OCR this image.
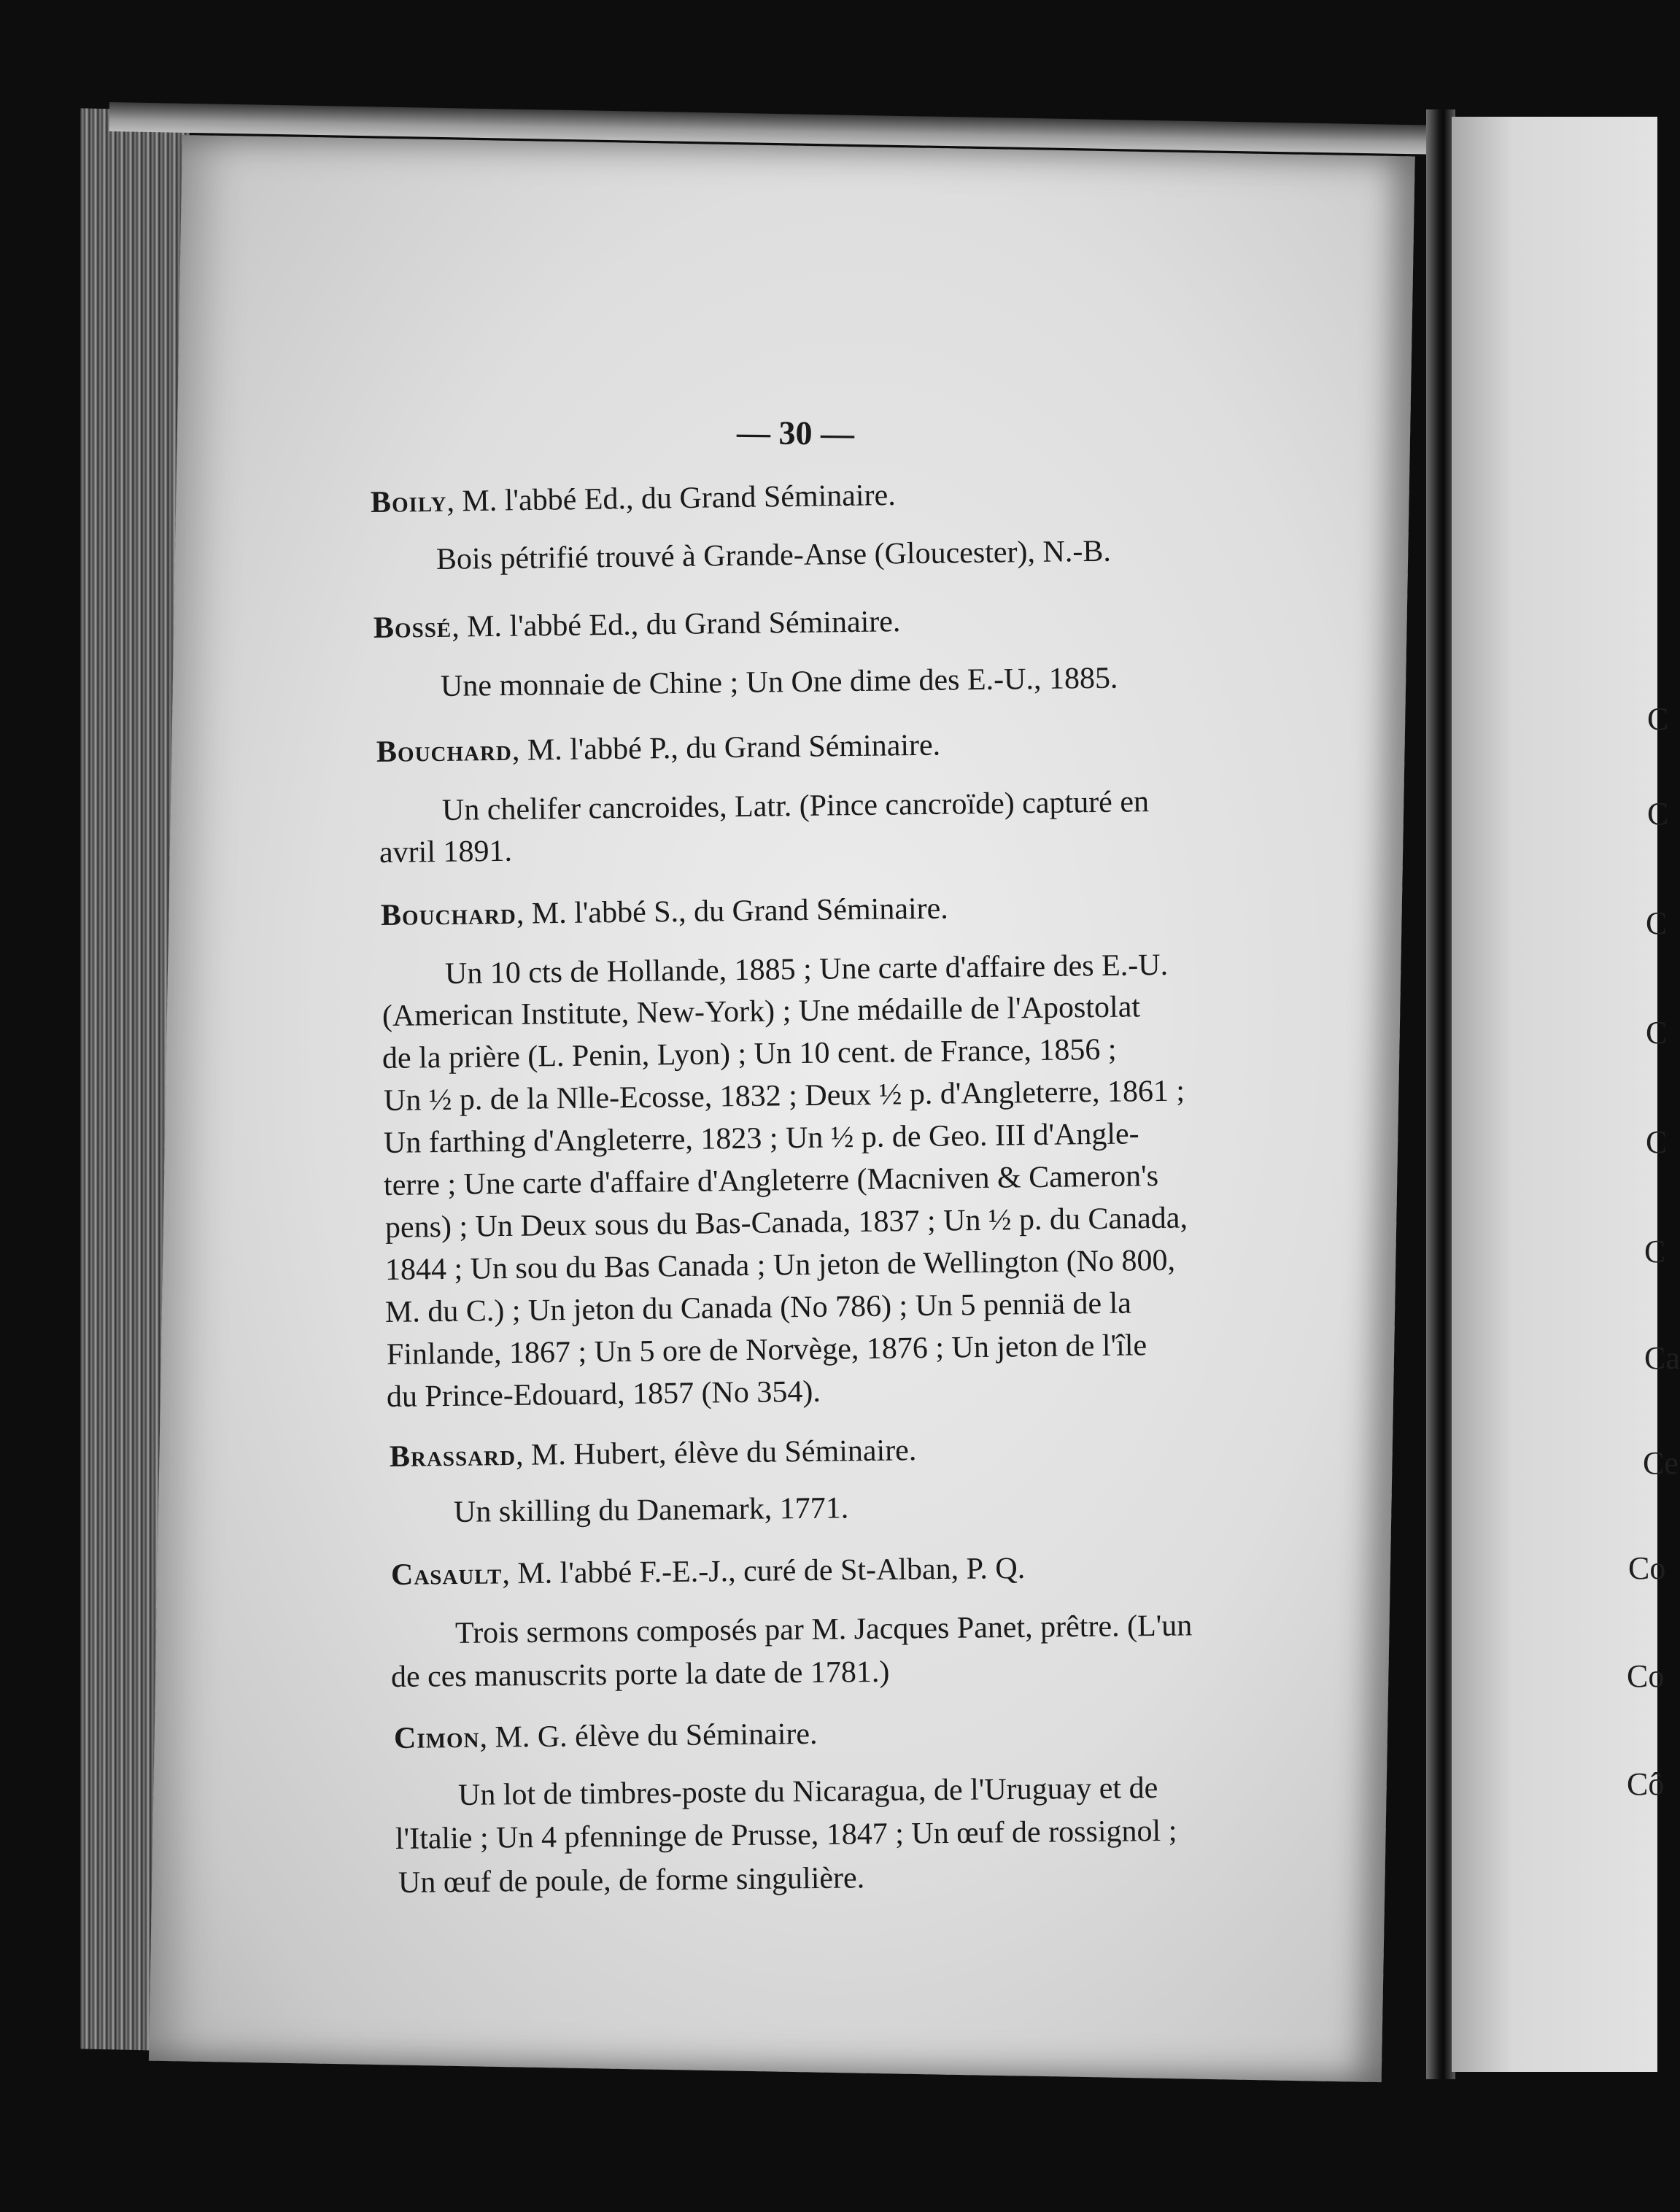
— 30 —
Boily, M. l'abbé Ed., du Grand Séminaire.
Bois pétrifié trouvé à Grande-Anse (Gloucester), N.-B.
Bossé, M. l'abbé Ed., du Grand Séminaire.
Une monnaie de Chine ; Un One dime des E.-U., 1885.
Bouchard, M. l'abbé P., du Grand Séminaire.
Un chelifer cancroides, Latr. (Pince cancroïde) capturé en
avril 1891.
Bouchard, M. l'abbé S., du Grand Séminaire.
Un 10 cts de Hollande, 1885 ; Une carte d'affaire des E.-U.
(American Institute, New-York) ; Une médaille de l'Apostolat
de la prière (L. Penin, Lyon) ; Un 10 cent. de France, 1856 ;
Un ½ p. de la Nlle-Ecosse, 1832 ; Deux ½ p. d'Angleterre, 1861 ;
Un farthing d'Angleterre, 1823 ; Un ½ p. de Geo. III d'Angle-
terre ; Une carte d'affaire d'Angleterre (Macniven & Cameron's
pens) ; Un Deux sous du Bas-Canada, 1837 ; Un ½ p. du Canada,
1844 ; Un sou du Bas Canada ; Un jeton de Wellington (No 800,
M. du C.) ; Un jeton du Canada (No 786) ; Un 5 penniä de la
Finlande, 1867 ; Un 5 ore de Norvège, 1876 ; Un jeton de l'île
du Prince-Edouard, 1857 (No 354).
Brassard, M. Hubert, élève du Séminaire.
Un skilling du Danemark, 1771.
Casault, M. l'abbé F.-E.-J., curé de St-Alban, P. Q.
Trois sermons composés par M. Jacques Panet, prêtre. (L'un
de ces manuscrits porte la date de 1781.)
Cimon, M. G. élève du Séminaire.
Un lot de timbres-poste du Nicaragua, de l'Uruguay et de
l'Italie ; Un 4 pfenninge de Prusse, 1847 ; Un œuf de rossignol ;
Un œuf de poule, de forme singulière.
C
C
C
C
C
C
Ca
Ce
Co
Co
Cô
